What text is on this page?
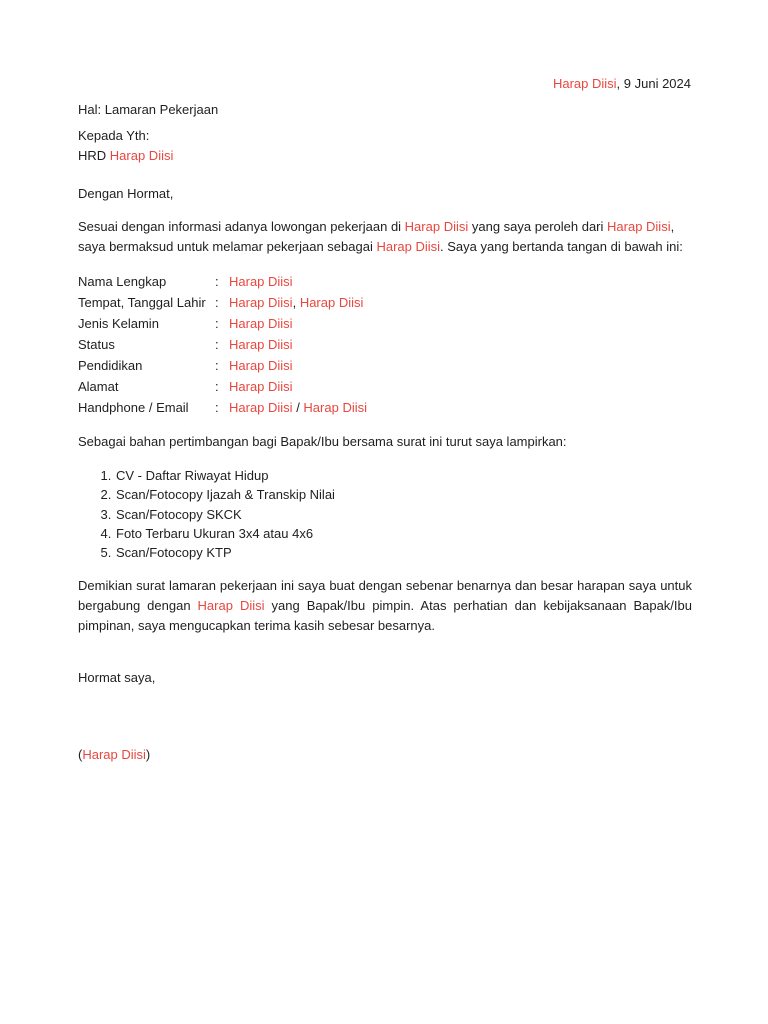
Harap Diisi, 9 Juni 2024
Hal: Lamaran Pekerjaan
Kepada Yth:
HRD Harap Diisi
Dengan Hormat,
Sesuai dengan informasi adanya lowongan pekerjaan di Harap Diisi yang saya peroleh dari Harap Diisi, saya bermaksud untuk melamar pekerjaan sebagai Harap Diisi. Saya yang bertanda tangan di bawah ini:
Nama Lengkap	:	Harap Diisi
Tempat, Tanggal Lahir	:	Harap Diisi, Harap Diisi
Jenis Kelamin	:	Harap Diisi
Status	:	Harap Diisi
Pendidikan	:	Harap Diisi
Alamat	:	Harap Diisi
Handphone / Email	:	Harap Diisi / Harap Diisi
Sebagai bahan pertimbangan bagi Bapak/Ibu bersama surat ini turut saya lampirkan:
1. CV - Daftar Riwayat Hidup
2. Scan/Fotocopy Ijazah & Transkip Nilai
3. Scan/Fotocopy SKCK
4. Foto Terbaru Ukuran 3x4 atau 4x6
5. Scan/Fotocopy KTP
Demikian surat lamaran pekerjaan ini saya buat dengan sebenar benarnya dan besar harapan saya untuk bergabung dengan Harap Diisi yang Bapak/Ibu pimpin. Atas perhatian dan kebijaksanaan Bapak/Ibu pimpinan, saya mengucapkan terima kasih sebesar besarnya.
Hormat saya,
(Harap Diisi)
